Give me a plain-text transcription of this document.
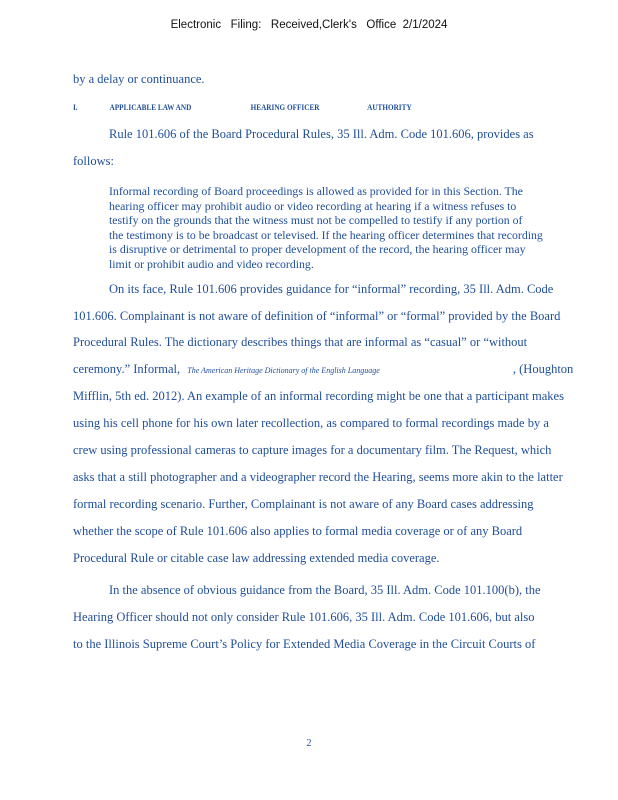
Electronic   Filing:   Received,Clerk's   Office  2/1/2024
by a delay or continuance.
I.	APPLICABLE LAW AND	HEARING OFFICER	AUTHORITY
Rule 101.606 of the Board Procedural Rules, 35 Ill. Adm. Code 101.606, provides as
follows:
Informal recording of Board proceedings is allowed as provided for in this Section. The
hearing officer may prohibit audio or video recording at hearing if a witness refuses to
testify on the grounds that the witness must not be compelled to testify if any portion of
the testimony is to be broadcast or televised. If the hearing officer determines that recording
is disruptive or detrimental to proper development of the record, the hearing officer may
limit or prohibit audio and video recording.
On its face, Rule 101.606 provides guidance for “informal” recording, 35 Ill. Adm. Code
101.606. Complainant is not aware of definition of “informal” or “formal” provided by the Board
Procedural Rules. The dictionary describes things that are informal as “casual” or “without
ceremony.” Informal, The American Heritage Dictionary of the English Language	, (Houghton
Mifflin, 5th ed. 2012). An example of an informal recording might be one that a participant makes
using his cell phone for his own later recollection, as compared to formal recordings made by a
crew using professional cameras to capture images for a documentary film. The Request, which
asks that a still photographer and a videographer record the Hearing, seems more akin to the latter
formal recording scenario. Further, Complainant is not aware of any Board cases addressing
whether the scope of Rule 101.606 also applies to formal media coverage or of any Board
Procedural Rule or citable case law addressing extended media coverage.
In the absence of obvious guidance from the Board, 35 Ill. Adm. Code 101.100(b), the
Hearing Officer should not only consider Rule 101.606, 35 Ill. Adm. Code 101.606, but also
to the Illinois Supreme Court’s Policy for Extended Media Coverage in the Circuit Courts of
2
